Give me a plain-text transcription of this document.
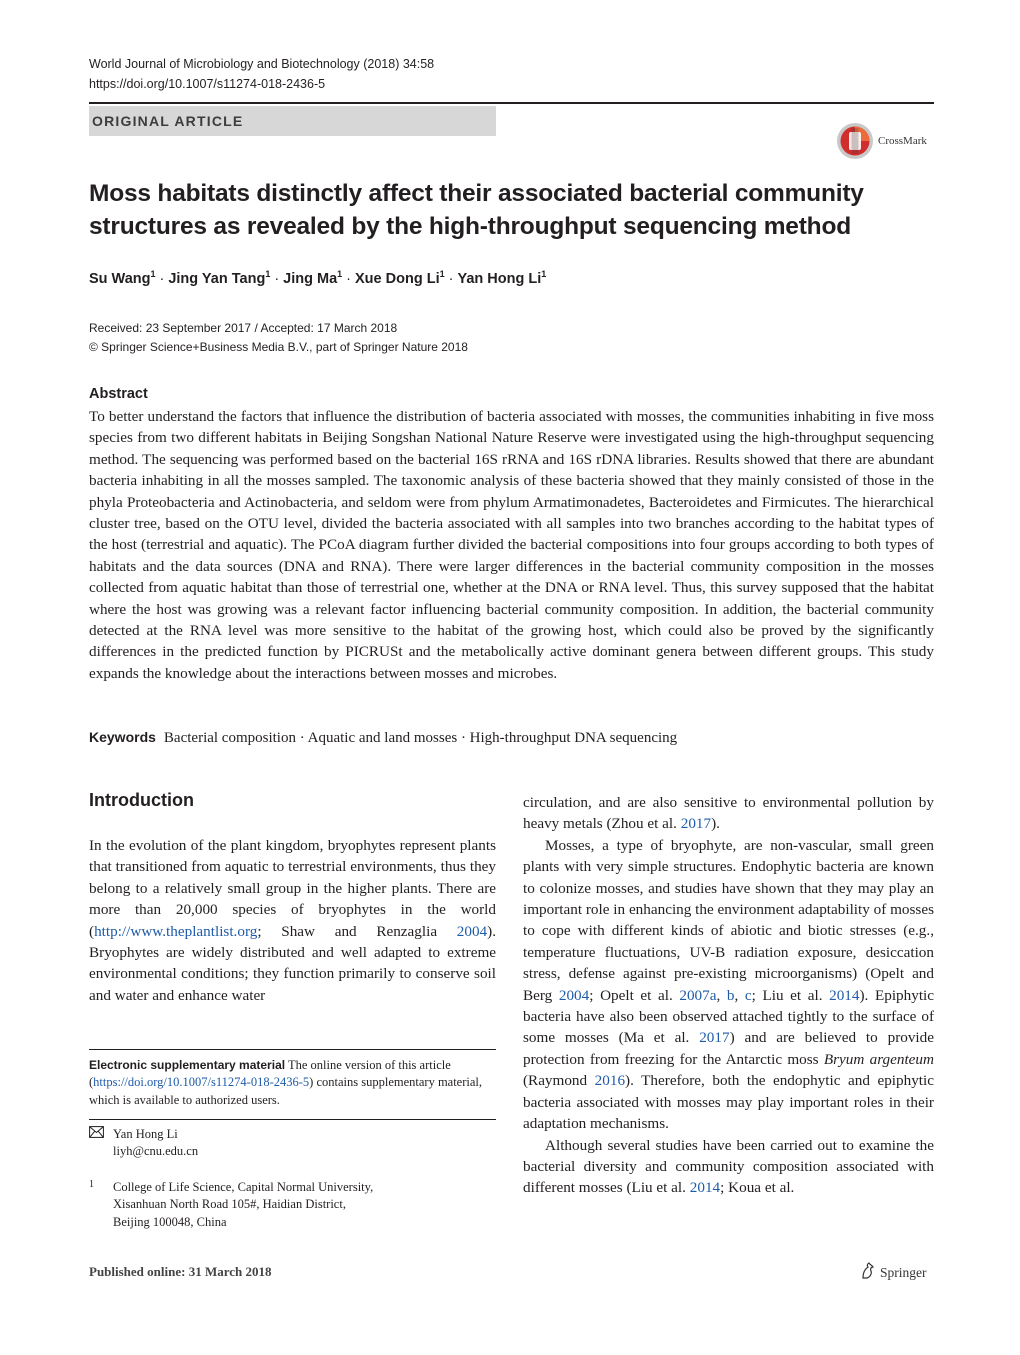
World Journal of Microbiology and Biotechnology (2018) 34:58
https://doi.org/10.1007/s11274-018-2436-5
ORIGINAL ARTICLE
CrossMark
Moss habitats distinctly affect their associated bacterial community structures as revealed by the high-throughput sequencing method
Su Wang$^1$ · Jing Yan Tang$^1$ · Jing $Ma^1$ · Xue Dong $Li^1$ · Yan Hong Li$^1$
Received: 23 September 2017 / Accepted: 17 March 2018
© Springer Science+Business Media B.V., part of Springer Nature 2018
Abstract
To better understand the factors that influence the distribution of bacteria associated with mosses, the communities inhabiting in five moss species from two different habitats in Beijing Songshan National Nature Reserve were investigated using the high-throughput sequencing method. The sequencing was performed based on the bacterial 16S rRNA and 16S rDNA libraries. Results showed that there are abundant bacteria inhabiting in all the mosses sampled. The taxonomic analysis of these bacteria showed that they mainly consisted of those in the phyla Proteobacteria and Actinobacteria, and seldom were from phylum Armatimonadetes, Bacteroidetes and Firmicutes. The hierarchical cluster tree, based on the OTU level, divided the bacteria associated with all samples into two branches according to the habitat types of the host (terrestrial and aquatic). The PCoA diagram further divided the bacterial compositions into four groups according to both types of habitats and the data sources (DNA and RNA). There were larger differences in the bacterial community composition in the mosses collected from aquatic habitat than those of terrestrial one, whether at the DNA or RNA level. Thus, this survey supposed that the habitat where the host was growing was a relevant factor influencing bacterial community composition. In addition, the bacterial community detected at the RNA level was more sensitive to the habitat of the growing host, which could also be proved by the significantly differences in the predicted function by PICRUSt and the metabolically active dominant genera between different groups. This study expands the knowledge about the interactions between mosses and microbes.
Keywords Bacterial composition · Aquatic and land mosses · High-throughput DNA sequencing
Introduction

In the evolution of the plant kingdom, bryophytes represent plants that transitioned from aquatic to terrestrial environments, thus they belong to a relatively small group in the higher plants. There are more than 20,000 species of bryophytes in the world (http://www.theplantlist.org; Shaw and Renzaglia 2004). Bryophytes are widely distributed and well adapted to extreme environmental conditions; they function primarily to conserve soil and water and enhance water

circulation, and are also sensitive to environmental pollution by heavy metals (Zhou et al. 2017).

Mosses, a type of bryophyte, are non-vascular, small green plants with very simple structures. Endophytic bacteria are known to colonize mosses, and studies have shown that they may play an important role in enhancing the environment adaptability of mosses to cope with different kinds of abiotic and biotic stresses (e.g., temperature fluctuations, UV-B radiation exposure, desiccation stress, defense against pre-existing microorganisms) (Opelt and Berg 2004; Opelt et al. 2007a, b, c; Liu et al. 2014). Epiphytic bacteria have also been observed attached tightly to the surface of some mosses (Ma et al. 2017) and are believed to provide protection from freezing for the Antarctic moss Bryum argenteum (Raymond 2016). Therefore, both the endophytic and epiphytic bacteria associated with mosses may play important roles in their adaptation mechanisms.

Although several studies have been carried out to examine the bacterial diversity and community composition associated with different mosses (Liu et al. 2014; Koua et al.

Electronic supplementary material The online version of this article (https://doi.org/10.1007/s11274-018-2436-5) contains supplementary material, which is available to authorized users.
Yan Hong Li
liyh@cnu.edu.cn
1 College of Life Science, Capital Normal University,
Xisanhuan North Road 105#, Haidian District,
Beijing 100048, China
Published online: 31 March 2018	Springer
